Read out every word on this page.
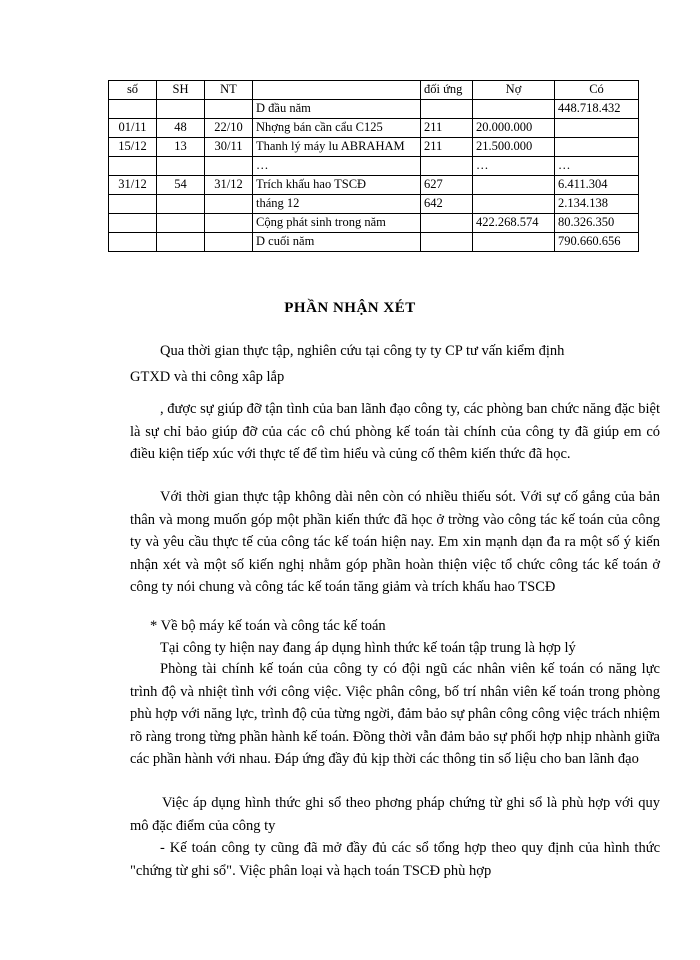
số	SH	NT		đối ứng	Nợ	Có
			D đầu năm			448.718.432
01/11	48	22/10	Nhợng bán cần cẩu C125	211	20.000.000	
15/12	13	30/11	Thanh lý máy lu ABRAHAM	211	21.500.000	
			…		…	…
31/12	54	31/12	Trích khấu hao TSCĐ	627		6.411.304
			tháng 12	642		2.134.138
			Cộng phát sinh trong năm		422.268.574	80.326.350
			D cuối năm			790.660.656
PHẦN NHẬN XÉT
Qua thời gian thực tập, nghiên cứu tại công ty ty CP tư vấn kiểm định
GTXD và thi công xâp lắp
, được sự giúp đỡ tận tình của ban lãnh đạo công ty, các phòng ban chức năng đặc biệt là sự chỉ bảo giúp đỡ của các cô chú phòng kế toán tài chính của công ty đã giúp em có điều kiện tiếp xúc với thực tế để tìm hiểu và củng cố thêm kiến thức đã học.
Với thời gian thực tập không dài nên còn có nhiều thiếu sót. Với sự cố gắng của bản thân và mong muốn góp một phần kiến thức đã học ở trờng vào công tác kế toán của công ty và yêu cầu thực tế của công tác kế toán hiện nay. Em xin mạnh dạn đa ra một số ý kiến nhận xét và một số kiến nghị nhằm góp phần hoàn thiện việc tổ chức công tác kế toán ở công ty nói chung và công tác kế toán tăng giảm và trích khấu hao TSCĐ
* Về bộ máy kế toán và công tác kế toán
Tại công ty hiện nay đang áp dụng hình thức kế toán tập trung là hợp lý
Phòng tài chính kế toán của công ty có đội ngũ các nhân viên kế toán có năng lực trình độ và nhiệt tình với công việc. Việc phân công, bố trí nhân viên kế toán trong phòng phù hợp với năng lực, trình độ của từng ngời, đảm bảo sự phân công công việc trách nhiệm rõ ràng trong từng phần hành kế toán. Đồng thời vẫn đảm bảo sự phối hợp nhịp nhành giữa các phần hành với nhau. Đáp ứng đầy đủ kịp thời các thông tin số liệu cho ban lãnh đạo
Việc áp dụng hình thức ghi sổ theo phơng pháp chứng từ ghi sổ là phù hợp với quy mô đặc điểm của công ty
- Kế toán công ty cũng đã mở đầy đủ các sổ tổng hợp theo quy định của hình thức "chứng từ ghi sổ". Việc phân loại và hạch toán TSCĐ phù hợp
